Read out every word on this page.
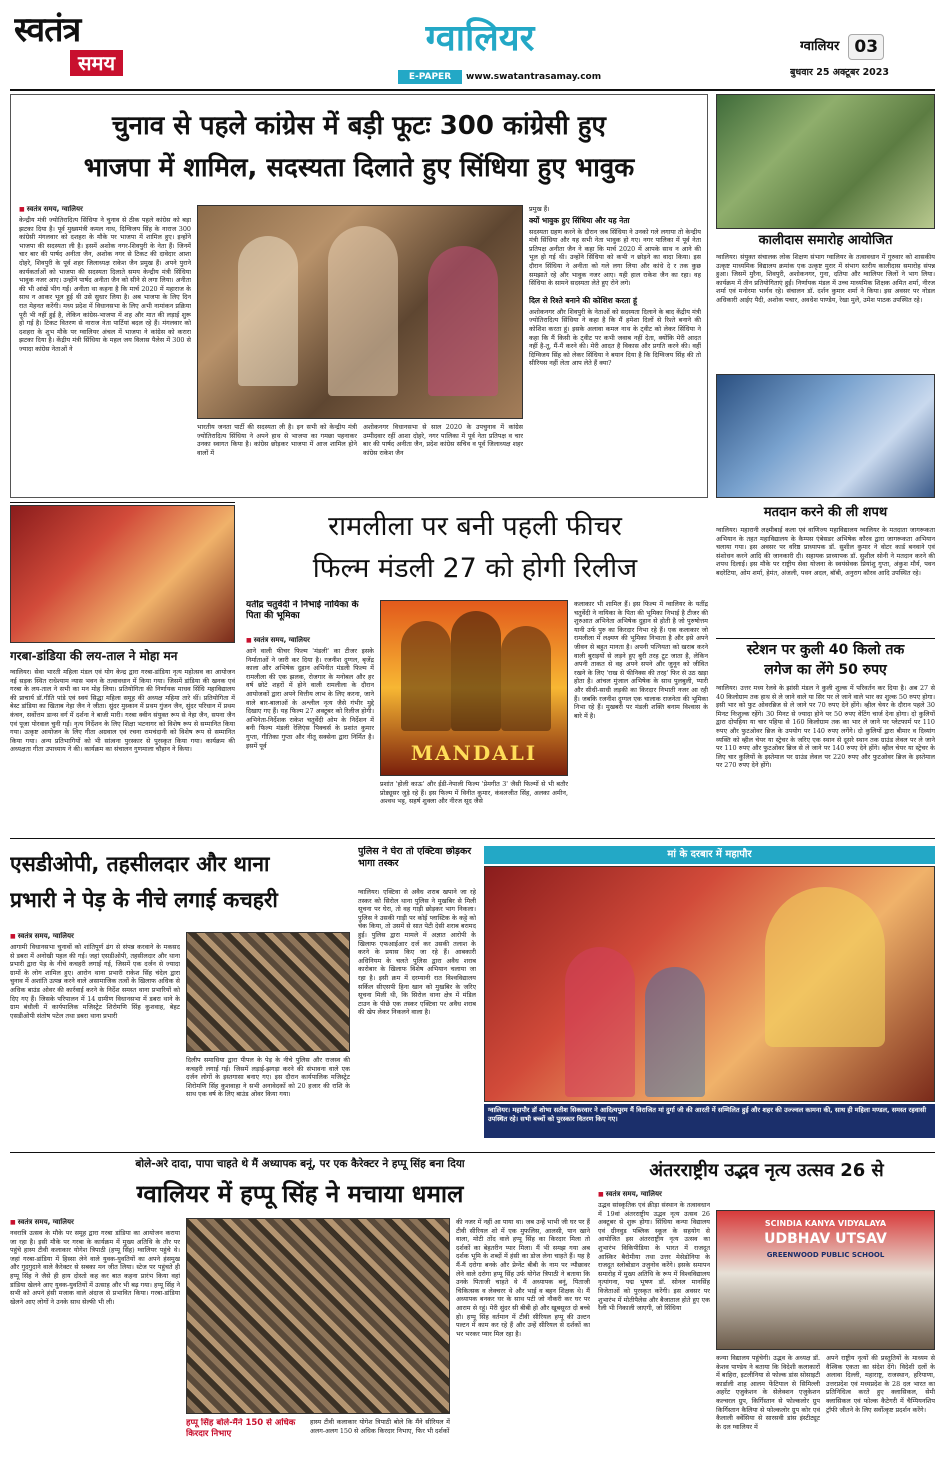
स्वतंत्र
समय
ग्वालियर
E-PAPER	www.swatantrasamay.com
ग्वालियर 03
बुधवार 25 अक्टूबर 2023
चुनाव से पहले कांग्रेस में बड़ी फूटः 300 कांग्रेसी हुए
भाजपा में शामिल, सदस्यता दिलाते हुए सिंधिया हुए भावुक
■ स्वतंत्र समय, ग्वालियर
केन्द्रीय मंत्री ज्योतिरादित्य सिंधिया ने चुनाव से ठीक पहले कांग्रेस को बड़ा झटका दिया है। पूर्व मुख्यमंत्री कमल नाथ, दिग्विजय सिंह के नाराज 300 कांग्रेसी मंगलवार को दशहरा के मौके पर भाजपा में शामिल हुए। इन्होंने भाजपा की सदस्यता ली है। इसमें अशोक नगर-शिवपुरी के नेता हैं। जिनमें चार बार की पार्षद अनीता जैन, अशोक नगर से टिकट की दावेदार आशा दोहरे, शिवपुरी के पूर्व शहर जिलाध्यक्ष राकेश जैन प्रमुख हैं। अपने पुराने कार्यकर्ताओं को भाजपा की सदस्यता दिलाते समय केन्द्रीय मंत्री सिंधिया भावुक नजर आए। उन्होंने पार्षद अनीता जैन को सीने से लगा लिया। अनीता की भी आंखें भीग गईं। अनीता था कहना है कि मार्च 2020 में महाराज के साथ न आकर भूल हुई थी उसे सुधार लिया है। अब भाजपा के लिए दिन रात मेहनत करेंगी। मध्य प्रदेश में विधानसभा के लिए अभी नामांकन प्रक्रिया पूरी भी नहीं हुई है, लेकिन कांग्रेस-भाजपा में शह और मात की लड़ाई शुरू हो गई है। टिकट वितरण से नाराज नेता पार्टियां बदल रहे हैं। मंगलवार को दशहरा के शुभ मौके पर ग्वालियर अंचल में भाजपा ने कांग्रेस को करारा झटका दिया है। केंद्रीय मंत्री सिंधिया के महल जय विलास पैलेस में 300 से ज्यादा कांग्रेस नेताओं ने
भारतीय जनता पार्टी की सदस्यता ली है। इन सभी को केन्द्रीय मंत्री ज्योतिरादित्य सिंधिया ने अपने हाथ से भाजपा का गमछा पहनाकर उनका स्वागत किया है। कांग्रेस छोड़कर भाजपा में आज शामिल होने वालों में
अशोकनगर विधानसभा से साल 2020 के उपचुनाव में कांग्रेस उम्मीदवार रहीं आशा दोहरे, नगर पालिका में पूर्व नेता प्रतिपक्ष व चार बार की पार्षद अनीता जैन, प्रदेश कांग्रेस सचिव व पूर्व जिलाध्यक्ष शहर कांग्रेस राकेश जैन
प्रमुख हैं।
क्यों भावुक हुए सिंधिया और यह नेता
सदस्यता ग्रहण करने के दौरान जब सिंधिया ने उनको गले लगाया तो केन्द्रीय मंत्री सिंधिया और यह सभी नेता भावुक हो गए। नगर पालिका में पूर्व नेता प्रतिपक्ष अनीता जैन ने कहा कि मार्च 2020 में आपके साथ न आने की भूल हो गई थी। उन्होंने सिंधिया को कभी न छोड़ने का वादा किया। इस दौरान सिंधिया ने अनीता को गले लगा लिया और कांधे दे र तक कुछ समझाते रहे और भावुक नजर आए। यही हाल राकेश जैन का रहा। वह सिंधिया के सामने सदस्यता लेते हुए रोने लगे।
दिल से रिश्ते बनाने की कोशिश करता हूं
अशोकनगर और शिवपुरी के नेताओं को सदस्यता दिलाने के बाद केंद्रीय मंत्री ज्योतिरादित्य सिंधिया ने कहा है कि मैं हमेशा दिलों से रिश्ते बनाने की कोशिश करता हूं। इसके अलावा कमल नाथ के ट्वीट को लेकर सिंधिया ने कहा कि मैं किसी के ट्वीट पर कभी जवाब नहीं देता, क्योंकि मेरी आदत नहीं है-तू, मैं-मैं करने की। मेरी आदत है विकास और प्रगति करने की। वहीं दिग्विजय सिंह को लेकर सिंधिया ने बयान दिया है कि दिग्विजय सिंह की तो सीरियस नहीं लेता आप लेते हैं क्या?
कालीदास समारोह आयोजित
ग्वालियर। संयुक्त संचालक लोक शिक्षण संभाग ग्वालियर के तत्वावधान में गुरुवार को शासकीय उत्कृष्ट माध्यमिक विद्यालय क्रमांक एक उत्कृष्ट मुरार में संभाग स्तरीय कालीदास समारोह संपन्न हुआ। जिसमें मुरैना, शिवपुरी, अशोकनगर, गुना, दतिया और ग्वालियर जिलों ने भाग लिया। कार्यक्रम में तीन प्रतियोगिताएं हुईं। निर्णायक मंडल में उच्च माध्यमिक शिक्षक अमित शर्मा, नीरज शर्मा एवं मनोरमा भार्गव रहे। संचालन डॉ. दर्शन कुमार शर्मा ने किया। इस अवसर पर नोडल अधिकारी आईए पैदी, अशोक पचार, अवधेश पाण्डेय, रेखा मुले, उमेश पाठक उपस्थित रहे।
मतदान करने की ली शपथ
ग्वालियर। महारानी लक्ष्मीबाई कला एवं वाणिज्य महाविद्यालय ग्वालियर के मतदाता जागरूकता अभियान के तहत महाविद्यालय के कैम्पस एंबेसडर अभिषेक कौरव द्वारा जागरूकता अभियान चलाया गया। इस अवसर पर वरिष्ठ प्राध्यापक डॉ. सुशील कुमार ने वोटर कार्ड बनवाने एवं संशोधन करने आदि की जानकारी दी। सहायक प्राध्यापक डॉ. सुशील सोनी ने मतदान करने की शपथ दिलाई। इस मौके पर राष्ट्रीय सेवा योजना के स्वयंसेवक प्रियांशु गुप्ता, अंकुश मौर्य, पवन बदरेटिया, ओम शर्मा, हेमंत, अंजली, पवन अदल, बॉबी, अनुराग कौरव आदि उपस्थित रहे।
स्टेशन पर कुली 40 किलो तक
लगेज का लेंगे 50 रुपए
ग्वालियर। उत्तर मध्य रेलवे के झांसी मंडल ने कुली शुल्क में परिवर्तन कर दिया है। अब 27 से 40 किलोग्राम तक हाथ से ले जाने वाले या सिर पर ले जाने वाले भार का शुल्क 50 रुपए होगा। इसी भार को फुट ओवरब्रिज से ले जाने पर 70 रुपए देने होंगे। व्हील चेयर के दौरान पहले 30 मिनट निःशुल्क रहेंगे। 30 मिनट से ज्यादा होने पर 50 रुपए वेटिंग चार्ज देना होगा। दो कुलियों द्वारा दोपहिया या चार पहिया से 160 किलोग्राम तक का भार ले जाने पर प्लेटफार्म पर 110 रुपए और फुटओवर ब्रिज के उपयोग पर 140 रुपए लगेंगे। दो कुलियों द्वारा बीमार व दिव्यांग व्यक्ति को व्हील चेयर या स्ट्रेचर के जरिए एक स्थान से दूसरे स्थान तक ग्राउंड लेवल पर ले जाने पर 110 रुपए और फुटओवर ब्रिज से ले जाने पर 140 रुपए देने होंगे। व्हील चेयर या स्ट्रेचर के लिए चार कुलियों के इस्तेमाल पर ग्राउंड लेवल पर 220 रुपए और फुटओवर ब्रिज के इस्तेमाल पर 270 रुपए देने होंगे।
गरबा-डांडिया की लय-ताल ने मोहा मन
ग्वालियर। सेवा भारती महिला मंडल एवं योग केन्द्र द्वारा गरबा-डांडिया नृत्य महोत्सव का आयोजन नई सड़क स्थित राधेश्याम न्यास भवन के तत्वावधान में किया गया। जिसमें डांडिया की खनक एवं गरबा के लय-ताल ने सभी का मन मोह लिया। प्रतियोगिता की निर्णायक माधव सिंधि महाविद्यालय की प्राचार्य डॉ.गीति पांडे एवं स्वयं सिद्धा महिला समूह की अध्यक्ष महिमा तारे थीं। प्रतियोगिता में बेस्ट डांडिया का खिताब नेहा जैन ने जीता। सुंदर मुस्कान में प्रथम गुंजन जैन, सुंदर परिधान में प्रथम कंचन, सर्वोत्तम डान्स वर्ग में दर्शना ने बाजी मारी। गरबा क्वीन संयुक्त रूप से नेहा जैन, सपना जैन एवं पूजा पोरवाल चुनी गईं। नृत्य निर्देशन के लिए शिक्षा भटनागर को विशेष रूप से सम्मानित किया गया। उत्कृष्ट आयोजन के लिए गीता अग्रवाल एवं रचना रामचंदानी को विशेष रूप से सम्मानित किया गया। अन्य प्रतिभागियों को भी सांत्वना पुरस्कार से पुरस्कृत किया गया। कार्यक्रम की अध्यक्षता गीता उपाध्याय ने की। कार्यक्रम का संचालन गुणमाला चौहान ने किया।
रामलीला पर बनी पहली फीचर
फिल्म मंडली 27 को होगी रिलीज
यतींद्र चतुर्वेदी ने निभाई नायिका के पिता की भूमिका
■ स्वतंत्र समय, ग्वालियर
आने वाली फीचर फिल्म 'मंडली' का टीजर इसके निर्माताओं ने जारी कर दिया है। रजनीश दुग्गल, बृजेंद्र काला और अभिषेक दुहान अभिनीत मंडली फिल्म में रामलीला की एक झलक, रोजगार के मनोबल और हर वर्ष छोटे शहरों में होने वाली रामलीला के दौरान आयोजकों द्वारा अपने वित्तीय लाभ के लिए करना, जाने वाले बार-बालाओं के अश्लील नृत्य जैसे गंभीर मुद्दे दिखाए गए हैं। यह फिल्म 27 अक्टूबर को रिलीज होगी। अभिनेता-निर्देशक राकेश चतुर्वेदी ओम के निर्देशन में बनी फिल्म मंडली रेलिएंस पिक्चर्स के प्रशांत कुमार गुप्ता, गीतिका गुप्ता और नीतू सक्सेना द्वारा निर्मित है। इसमें पूर्व	MANDALI
प्रशांत 'होली काऊ' और ईडी-नेपाली फिल्म 'प्रेमगीत 3' जैसी फिल्मों से भी बतौर प्रोड्यूसर जुड़े रहे हैं। इस फिल्म में विनीत कुमार, कंवलजीत सिंह, अलका अमीन, अश्वथ भट्ट, सहर्ष शुक्ला और नीरज सूद जैसे
कलाकार भी शामिल हैं। इस फिल्म में ग्वालियर के यतींद्र चतुर्वेदी ने नायिका के पिता की भूमिका निभाई है टीजर की शुरुआत अभिनेता अभिषेक दुहान से होती है जो पुरुषोत्तम यानी उर्फ पुरु का किरदार निभा रहे हैं। एक कलाकार जो रामलीला में लक्ष्मण की भूमिका निभाता है और इसे अपने जीवन से बहुत मानता है। अपनी पत्नियता को खराब करने वाली बुराइयों से लड़ने हुए बुरी तरह टूट जाता है, लेकिन अपनी ताकत से वह अपने सपने और जुनून को जीवित रखने के लिए 'राख से फीनिक्स की तरह' फिर से उठ खड़ा होता है। आंचल मुंजाल अभिषेक के साथ पुलबुली, प्यारी और सीधी-साधी लड़की का किरदार निभाती नजर आ रही हैं। जबकि रजनीश दुग्गल एक चालाक राजनेता की भूमिका निभा रहे हैं। मुखबरी पर मंडली शक्ति बनाम विश्वास के बारे में है।
एसडीओपी, तहसीलदार और थाना
प्रभारी ने पेड़ के नीचे लगाई कचहरी
■ स्वतंत्र समय, ग्वालियर
आगामी विधानसभा चुनावों को शांतिपूर्ण ढंग से संपन्न करवाने के मकसद से डबरा में अनोखी पहल की गई। जहां एसडीओपी, तहसीलदार और थाना प्रभारी द्वारा पेड़ के नीचे कचहरी लगाई गई, जिसमें एक दर्जन से ज्यादा ग्रामों के लोग शामिल हुए। आरोन थाना प्रभारी राकेश सिंह चंदेल द्वारा चुनाव में अशांति उत्पन्न करने वाले असामाजिक तत्वों के खिलाफ अधिक से अधिक बाउंड ओवर की कार्रवाई करने के निर्देश समस्त थाना प्रभारियों को दिए गए हैं। जिसके परिपालन में 14 ग्रामीण विधानसभा में डबरा थाने के ग्राम बंधौली में कार्यपालिक मजिस्ट्रेट शिरोमणि सिंह कुशवाह, बेहट एसडीओपी संतोष पटेल तथा डबरा थाना प्रभारी
दिलीप समाधिया द्वारा पीपल के पेड़ के नीचे पुलिस और राजस्व की कचहरी लगाई गई। जिसमें लड़ाई-झगड़ा करने की संभावना वाले एक दर्जन लोगों के इस्तगासा बनाए गए। इस दौरान कार्यपालिक मजिस्ट्रेट शिरोमणि सिंह कुशवाहा ने सभी अनावेदकों को 20 हजार की राशि के साथ एक वर्ष के लिए बाउंड ओवर किया गया।
पुलिस ने घेरा तो एक्टिवा छोड़कर भागा तस्कर
ग्वालियर। एक्टिवा से अवैध शराब खपाने जा रहे तस्कर को सिरोल थाना पुलिस ने मुखबिर से मिली सूचना पर घेरा, तो वह गाड़ी छोड़कर भाग निकला। पुलिस ने उसकी गाड़ी पर कोई प्लास्टिक के कट्टे को चेक किया, तो उसमें से सात पेटी देसी शराब बरामद हुई। पुलिस द्वारा मामले में अज्ञात आरोपी के खिलाफ एफआईआर दर्ज कर उसकी तलाश के करने के प्रयास किए जा रहे हैं। आबकारी अधिनियम के चलते पुलिस द्वारा अवैध शराब कारोबार के खिलाफ विशेष अभियान चलाया जा रहा है। इसी क्रम में दरम्यानी रात विश्वविद्यालय सर्किल सीएसपी हिना खान को मुखबिर के जरिए सूचना मिली थी, कि सिरोल थाना क्षेत्र में मंडिल टाउन के पीछे एक तस्कर एक्टिवा पर अवैध शराब की खेप लेकर निकलने वाला है।
मां के दरबार में महापौर
ग्वालियर। महापौर डॉ शोभा सतीश सिकरवार ने आदित्यपुरम मैं विराजित मां दुर्गा जी की आरती में सम्मिलित हुई और शहर की उज्ज्वल कामना की, साथ ही महिला मण्डल, समस्त रहवासी उपस्थित रहे। सभी बच्चों को पुरस्कार वितरण किए गए।
बोले-अरे दादा, पापा चाहते थे मैं अध्यापक बनूं, पर एक कैरेक्टर ने हप्पू सिंह बना दिया
ग्वालियर में हप्पू सिंह ने मचाया धमाल
■ स्वतंत्र समय, ग्वालियर
नवरात्रि उत्सव के मौके पर समूह द्वारा गरबा डांडिया का आयोजन कराया जा रहा है। इसी मौके पर गरबा के कार्यक्रम में मुख्य अतिथि के तौर पर पहुंचे हास्य टीवी कलाकार योगेश त्रिपाठी (हप्पू सिंह) ग्वालियर पहुंचे थे। जहां गरबा-डांडिया में हिस्सा लेने वाले युवक-युवतियों का अपने हंसमुख और गुदगुदाने वाले कैरेक्टर से सबका मन जीत लिया। स्टेज पर पहुंचते ही हप्पू सिंह ने जैसे ही हाय दोस्तो कह कर बात कहना प्रारंभ किया वहां डांडिया खेलने आए युवक-युवतियों में उत्साह और भी बढ़ गया। हप्पू सिंह ने सभी को अपने हंसी मजाक वाले अंदाज से प्रभावित किया। गरबा-डांडिया खेलने आए लोगों ने उनके साथ सेल्फी भी ली।
हप्पू सिंह बोले-मैंने 150 से अधिक किरदार निभाए
हास्य टीवी कलाकार योगेश त्रिपाठी बोले कि मैंने सीरियल में अलग-अलग 150 से अधिक किरदार निभाए, फिर भी दर्शकों
की नजर में नहीं आ पाया था। जब उन्हें भाभी जी घर पर हैं टीवी सीरियल शो में एक मुफलिस, आलसी, पान खाने वाला, मोटी तोंद वाले हप्पू सिंह का किरदार मिला तो दर्शकों का बेहतरीन प्यार मिला। मैं भी समझ गया अब दर्शक भूमि के शब्दों में हंसी का डोज लेना चाहते हैं। यह है मैं-मैं दरोगा बनके और प्रेग्नेंट बीबी के नाम पर न्यौछावर लेने वाले दरोगा हप्पू सिंह उर्फ योगेश त्रिपाठी ने बताया कि उनके पिताजी चाहते थे मैं अध्यापक बनूं, पिताजी चिकित्सक व लेक्चरर थे और भाई व बहन शिक्षक थे। मैं अध्यापक बनकर घर के साथ पटी जो नौकरी कर घर पर आराम से रहूं। मेरी सुंदर सी बीबी हो और खूबसूरत दो बच्चे हो। हप्पू सिंह वर्तमान में टीवी सीरियल हप्पू की उल्टन पल्टन में काम कर रहे हैं और उन्हें सीरियल से दर्शकों का भर भरकर प्यार मिल रहा है।
अंतरराष्ट्रीय उद्भव नृत्य उत्सव 26 से
■ स्वतंत्र समय, ग्वालियर
उद्भव सांस्कृतिक एवं क्रीड़ा संस्थान के तत्वावधान में 19वां अंतरराष्ट्रीय उद्भव नृत्य उत्सव 26 अक्टूबर से शुरू होगा। सिंधिया कन्या विद्यालय एवं ग्रीनवुड पब्लिक स्कूल के सहयोग से आयोजित इस अंतरराष्ट्रीय नृत्य उत्सव का शुभारंभ विकिपीडिया के भारत में राजदूत आस्किर बैरोमीया तथा उत्तर मेसेडोनिया के राजदूत स्लोबोडान उजुनोव करेंगे। इसके समापन समारोह में मुख्य अतिथि के रूप में विश्वविद्यालय नृत्यांगना, पद्म भूषण डॉ. सोनल मानसिंह विजेताओं को पुरस्कृत करेंगी। इस अवसर पर शुभारंभ में मोतीपैलेस और बैजाताल होते हुए एक रैली भी निकाली जाएगी, जो सिंधिया
SCINDIA KANYA VIDYALAYA
UDBHAV UTSAV
GREENWOOD PUBLIC SCHOOL
कन्या विद्यालय पहुंचेगी। उद्भव के अध्यक्ष डॉ. केशव पाण्डेय ने बताया कि विदेशी कलाकारों में बाहिरा, इटलीनिया से फोल्क डांस सोसाइटी कार्डाली शाह आलम फेंटियाल से सिमिल्ली अहरेंट एजुकेशन के सेलेक्शन एजुकेशन कल्चरल ग्रुप, किर्गिस्तान से फोल्कलोर ग्रुप किर्गिस्तान कैलिया से फोल्कलोर ग्रुप कोर एवं कैलाली क्वेंसिया से सारसवी डांस इंस्टीट्यूट के दल ग्वालियर में
अपने राष्ट्रीय नृत्यों की प्रस्तुतियों के माध्यम से वैश्विक एकता का संदेश देंगे। विदेशी दलों के अलावा दिल्ली, महाराष्ट्र, राजस्थान, हरियाणा, उत्तरप्रदेश एवं मध्यप्रदेश के 28 दल भारत का प्रतिनिधित्व करते हुए क्लासिकल, सेमी क्लासिकल एवं फोल्क कैटेगरी में चैम्पियनशिप ट्रॉफी जीतने के लिए सर्वोत्कृष्ट प्रदर्शन करेंगे।
